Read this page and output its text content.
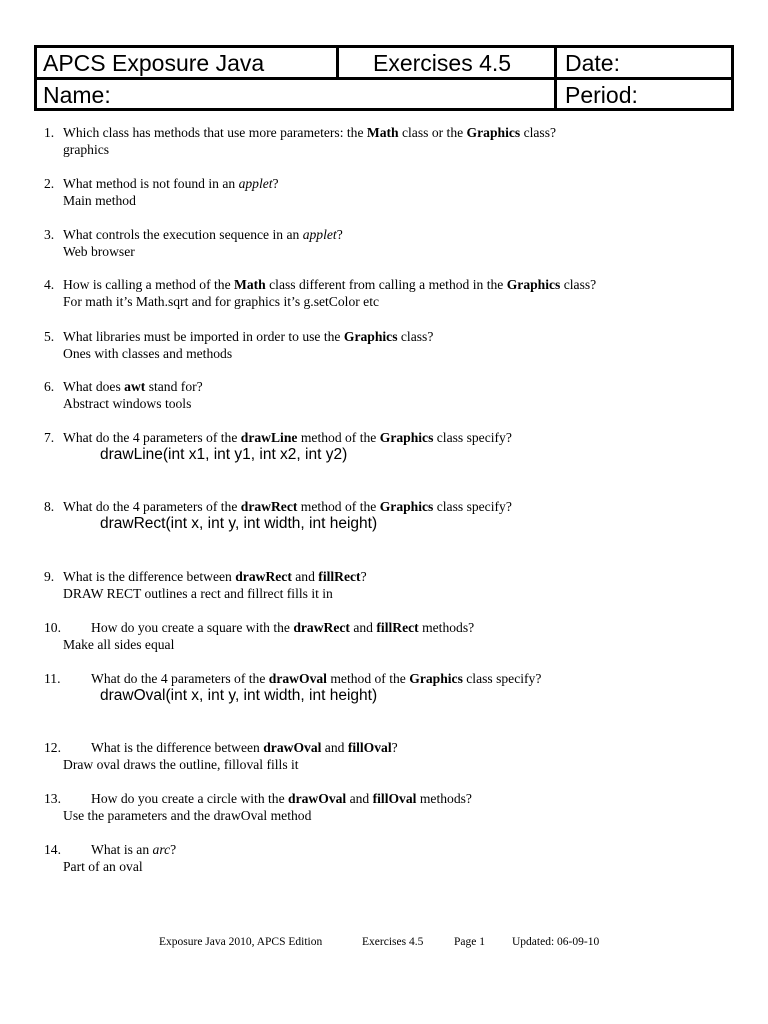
APCS Exposure Java	Exercises 4.5	Date:
Name:	Period:
1. Which class has methods that use more parameters: the Math class or the Graphics class?
graphics
2. What method is not found in an applet?
Main method
3. What controls the execution sequence in an applet?
Web browser
4. How is calling a method of the Math class different from calling a method in the Graphics class?
For math it’s Math.sqrt and for graphics it’s g.setColor etc
5. What libraries must be imported in order to use the Graphics class?
Ones with classes and methods
6. What does awt stand for?
Abstract windows tools
7. What do the 4 parameters of the drawLine method of the Graphics class specify?
drawLine(int x1, int y1, int x2, int y2)
8. What do the 4 parameters of the drawRect method of the Graphics class specify?
drawRect(int x, int y, int width, int height)
9. What is the difference between drawRect and fillRect?
DRAW RECT outlines a rect and fillrect fills it in
10. How do you create a square with the drawRect and fillRect methods?
Make all sides equal
11. What do the 4 parameters of the drawOval method of the Graphics class specify?
drawOval(int x, int y, int width, int height)
12. What is the difference between drawOval and fillOval?
Draw oval draws the outline, filloval fills it
13. How do you create a circle with the drawOval and fillOval methods?
Use the parameters and the drawOval method
14. What is an arc?
Part of an oval
Exposure Java 2010, APCS Edition	Exercises 4.5	Page 1 Updated: 06-09-10
